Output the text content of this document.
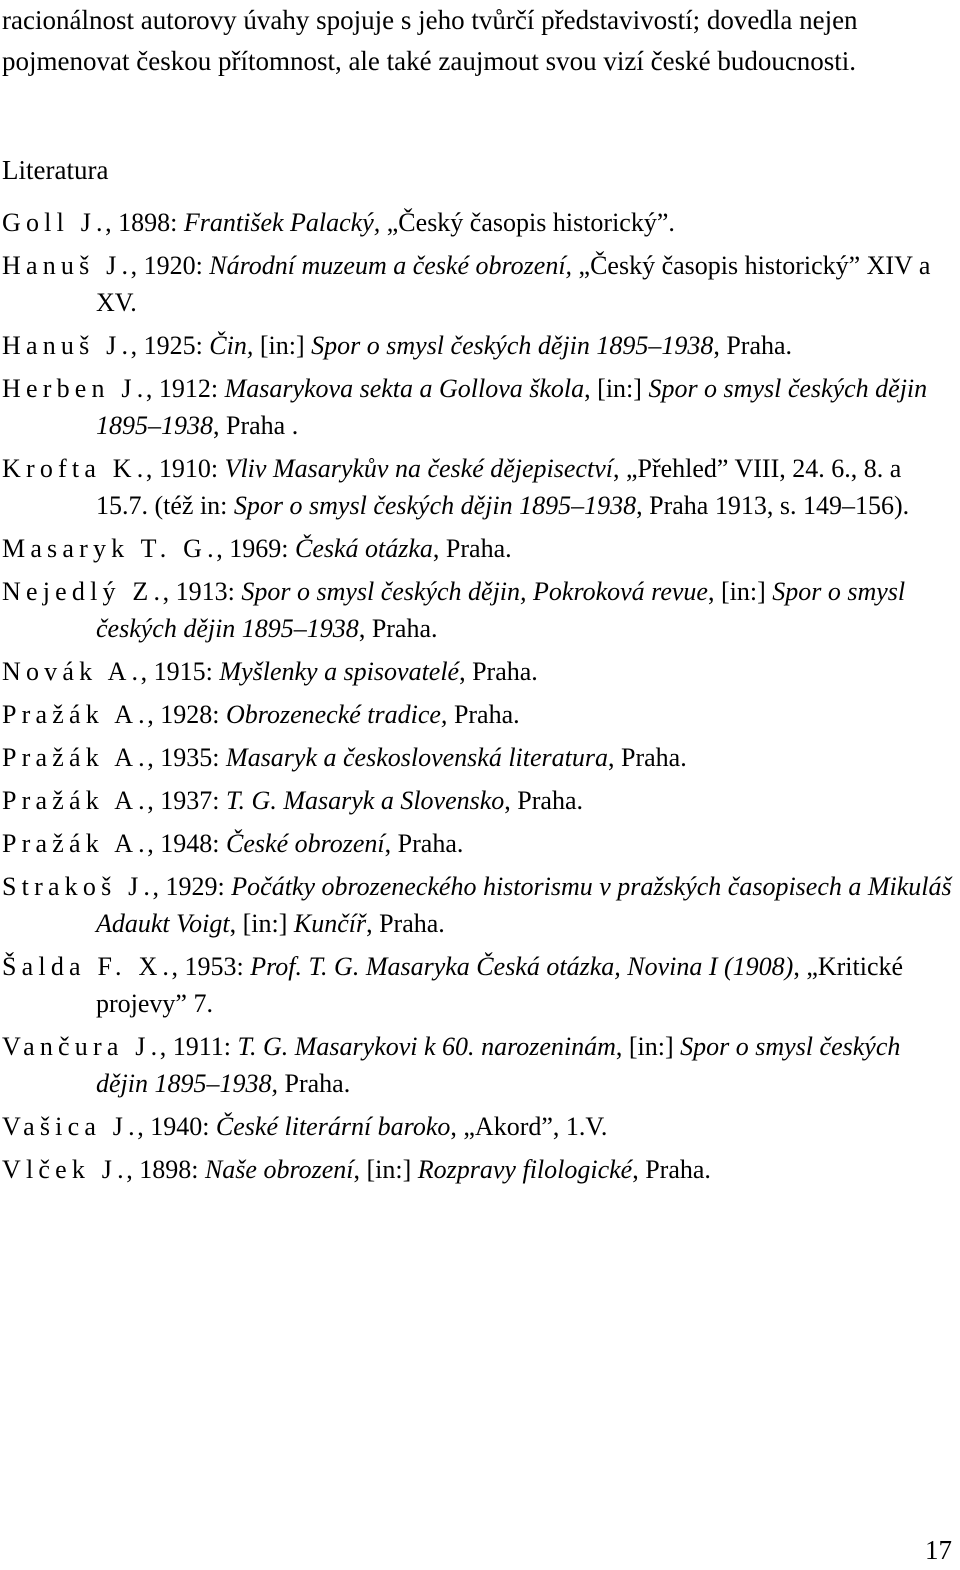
racionálnost autorovy úvahy spojuje s jeho tvůrčí představivostí; dovedla nejen pojmenovat českou přítomnost, ale také zaujmout svou vizí české budoucnosti.

Literatura
Goll J., 1898: František Palacký, „Český časopis historický”.
Hanuš J., 1920: Národní muzeum a české obrození, „Český časopis historický” XIV a XV.
Hanuš J., 1925: Čin, [in:] Spor o smysl českých dějin 1895–1938, Praha.
Herben J., 1912: Masarykova sekta a Gollova škola, [in:] Spor o smysl českých dějin 1895–1938, Praha .
Krofta K., 1910: Vliv Masarykův na české dějepisectví, „Přehled” VIII, 24. 6., 8. a 15.7. (též in: Spor o smysl českých dějin 1895–1938, Praha 1913, s. 149–156).
Masaryk T. G., 1969: Česká otázka, Praha.
Nejedlý Z., 1913: Spor o smysl českých dějin, Pokroková revue, [in:] Spor o smysl českých dějin 1895–1938, Praha.
Novák A., 1915: Myšlenky a spisovatelé, Praha.
Pražák A., 1928: Obrozenecké tradice, Praha.
Pražák A., 1935: Masaryk a československá literatura, Praha.
Pražák A., 1937: T. G. Masaryk a Slovensko, Praha.
Pražák A., 1948: České obrození, Praha.
Strakoš J., 1929: Počátky obrozeneckého historismu v pražských časopisech a Mikuláš Adaukt Voigt, [in:] Kunčíř, Praha.
Šalda F. X., 1953: Prof. T. G. Masaryka Česká otázka, Novina I (1908), „Kritické projevy” 7.
Vančura J., 1911: T. G. Masarykovi k 60. narozeninám, [in:] Spor o smysl českých dějin 1895–1938, Praha.
Vašica J., 1940: České literární baroko, „Akord”, 1.V.
Vlček J., 1898: Naše obrození, [in:] Rozpravy filologické, Praha.
17
